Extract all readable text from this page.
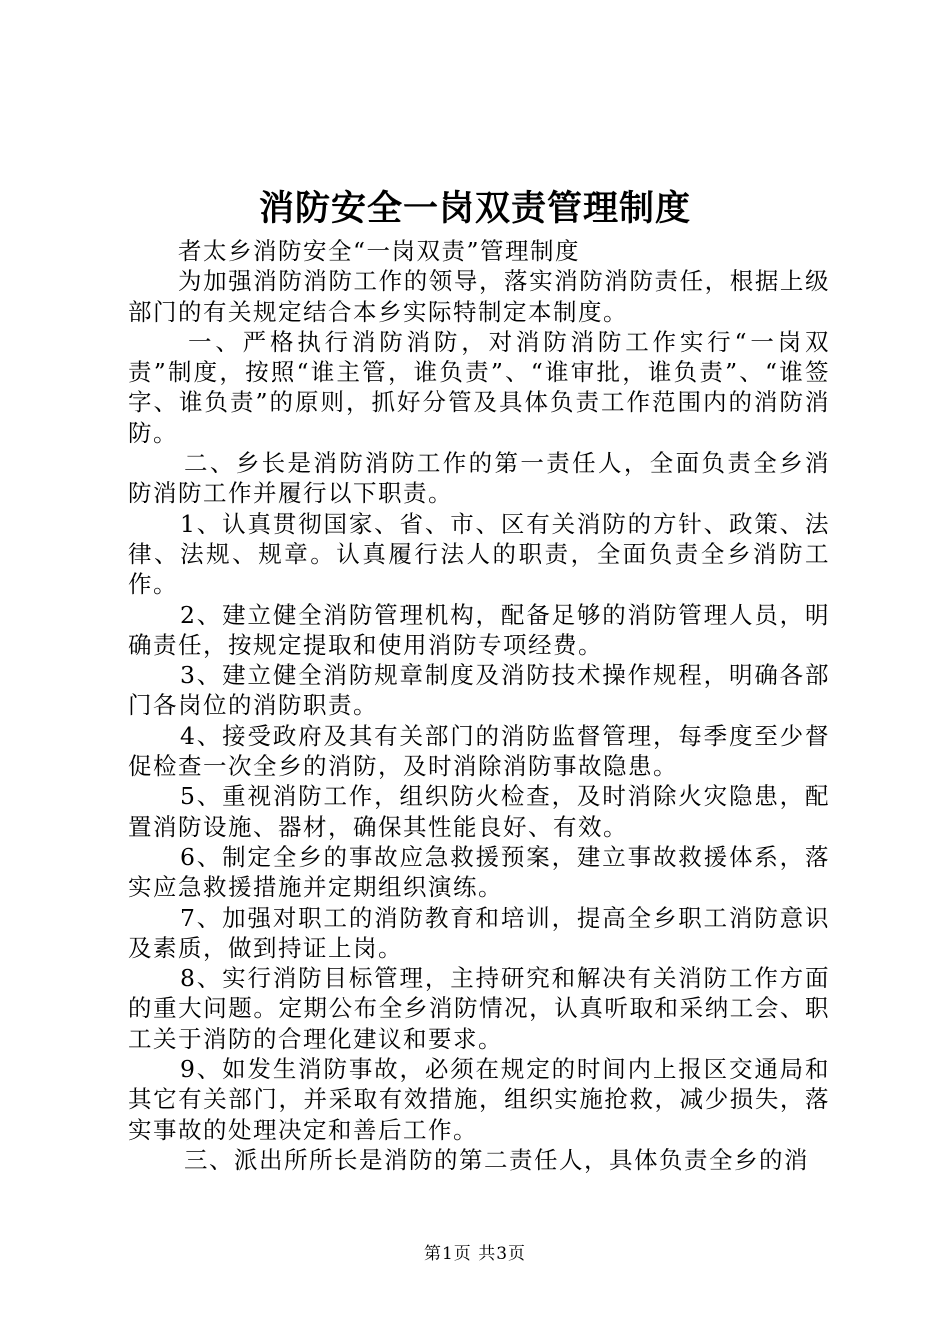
消防安全一岗双责管理制度

者太乡消防安全“一岗双责”管理制度

为加强消防消防工作的领导，落实消防消防责任，根据上级部门的有关规定结合本乡实际特制定本制度。

一、严格执行消防消防，对消防消防工作实行“一岗双责”制度，按照“谁主管，谁负责”、“谁审批，谁负责”、“谁签字、谁负责”的原则，抓好分管及具体负责工作范围内的消防消防。

二、乡长是消防消防工作的第一责任人，全面负责全乡消防消防工作并履行以下职责。

1、认真贯彻国家、省、市、区有关消防的方针、政策、法律、法规、规章。认真履行法人的职责，全面负责全乡消防工作。

2、建立健全消防管理机构，配备足够的消防管理人员，明确责任，按规定提取和使用消防专项经费。

3、建立健全消防规章制度及消防技术操作规程，明确各部门各岗位的消防职责。

4、接受政府及其有关部门的消防监督管理，每季度至少督促检查一次全乡的消防，及时消除消防事故隐患。

5、重视消防工作，组织防火检查，及时消除火灾隐患，配置消防设施、器材，确保其性能良好、有效。

6、制定全乡的事故应急救援预案，建立事故救援体系，落实应急救援措施并定期组织演练。

7、加强对职工的消防教育和培训，提高全乡职工消防意识及素质，做到持证上岗。

8、实行消防目标管理，主持研究和解决有关消防工作方面的重大问题。定期公布全乡消防情况，认真听取和采纳工会、职工关于消防的合理化建议和要求。

9、如发生消防事故，必须在规定的时间内上报区交通局和其它有关部门，并采取有效措施，组织实施抢救，减少损失，落实事故的处理决定和善后工作。

三、派出所所长是消防的第二责任人，具体负责全乡的消

第1页 共3页
